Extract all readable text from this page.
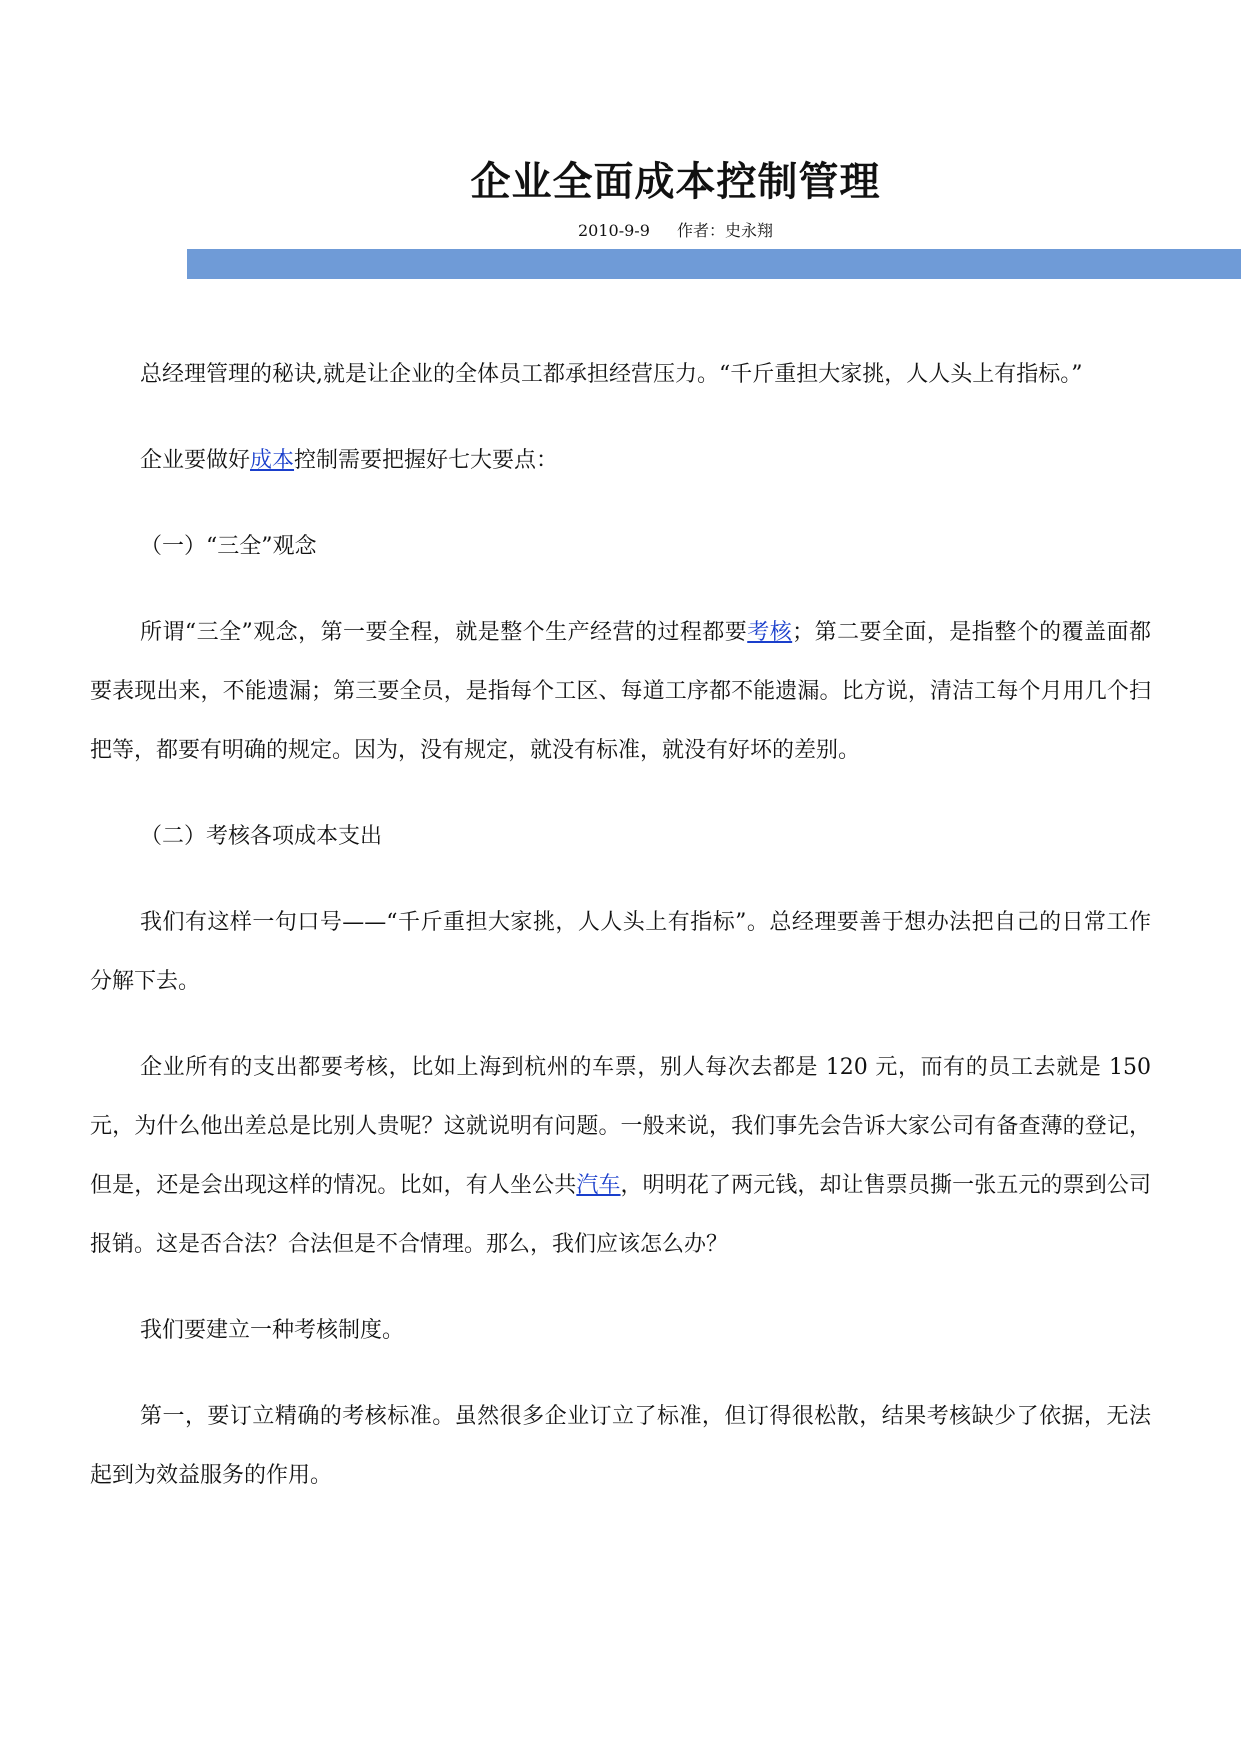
企业全面成本控制管理
2010-9-9 作者：史永翔

总经理管理的秘诀,就是让企业的全体员工都承担经营压力。“千斤重担大家挑，人人头上有指标。”

企业要做好成本控制需要把握好七大要点：

（一）“三全”观念

所谓“三全”观念，第一要全程，就是整个生产经营的过程都要考核；第二要全面，是指整个的覆盖面都要表现出来，不能遗漏；第三要全员，是指每个工区、每道工序都不能遗漏。比方说，清洁工每个月用几个扫把等，都要有明确的规定。因为，没有规定，就没有标准，就没有好坏的差别。

（二）考核各项成本支出

我们有这样一句口号——“千斤重担大家挑，人人头上有指标”。总经理要善于想办法把自己的日常工作分解下去。

企业所有的支出都要考核，比如上海到杭州的车票，别人每次去都是 120 元，而有的员工去就是 150 元，为什么他出差总是比别人贵呢？这就说明有问题。一般来说，我们事先会告诉大家公司有备查薄的登记，但是，还是会出现这样的情况。比如，有人坐公共汽车，明明花了两元钱，却让售票员撕一张五元的票到公司报销。这是否合法？合法但是不合情理。那么，我们应该怎么办？

我们要建立一种考核制度。

第一，要订立精确的考核标准。虽然很多企业订立了标准，但订得很松散，结果考核缺少了依据，无法起到为效益服务的作用。
